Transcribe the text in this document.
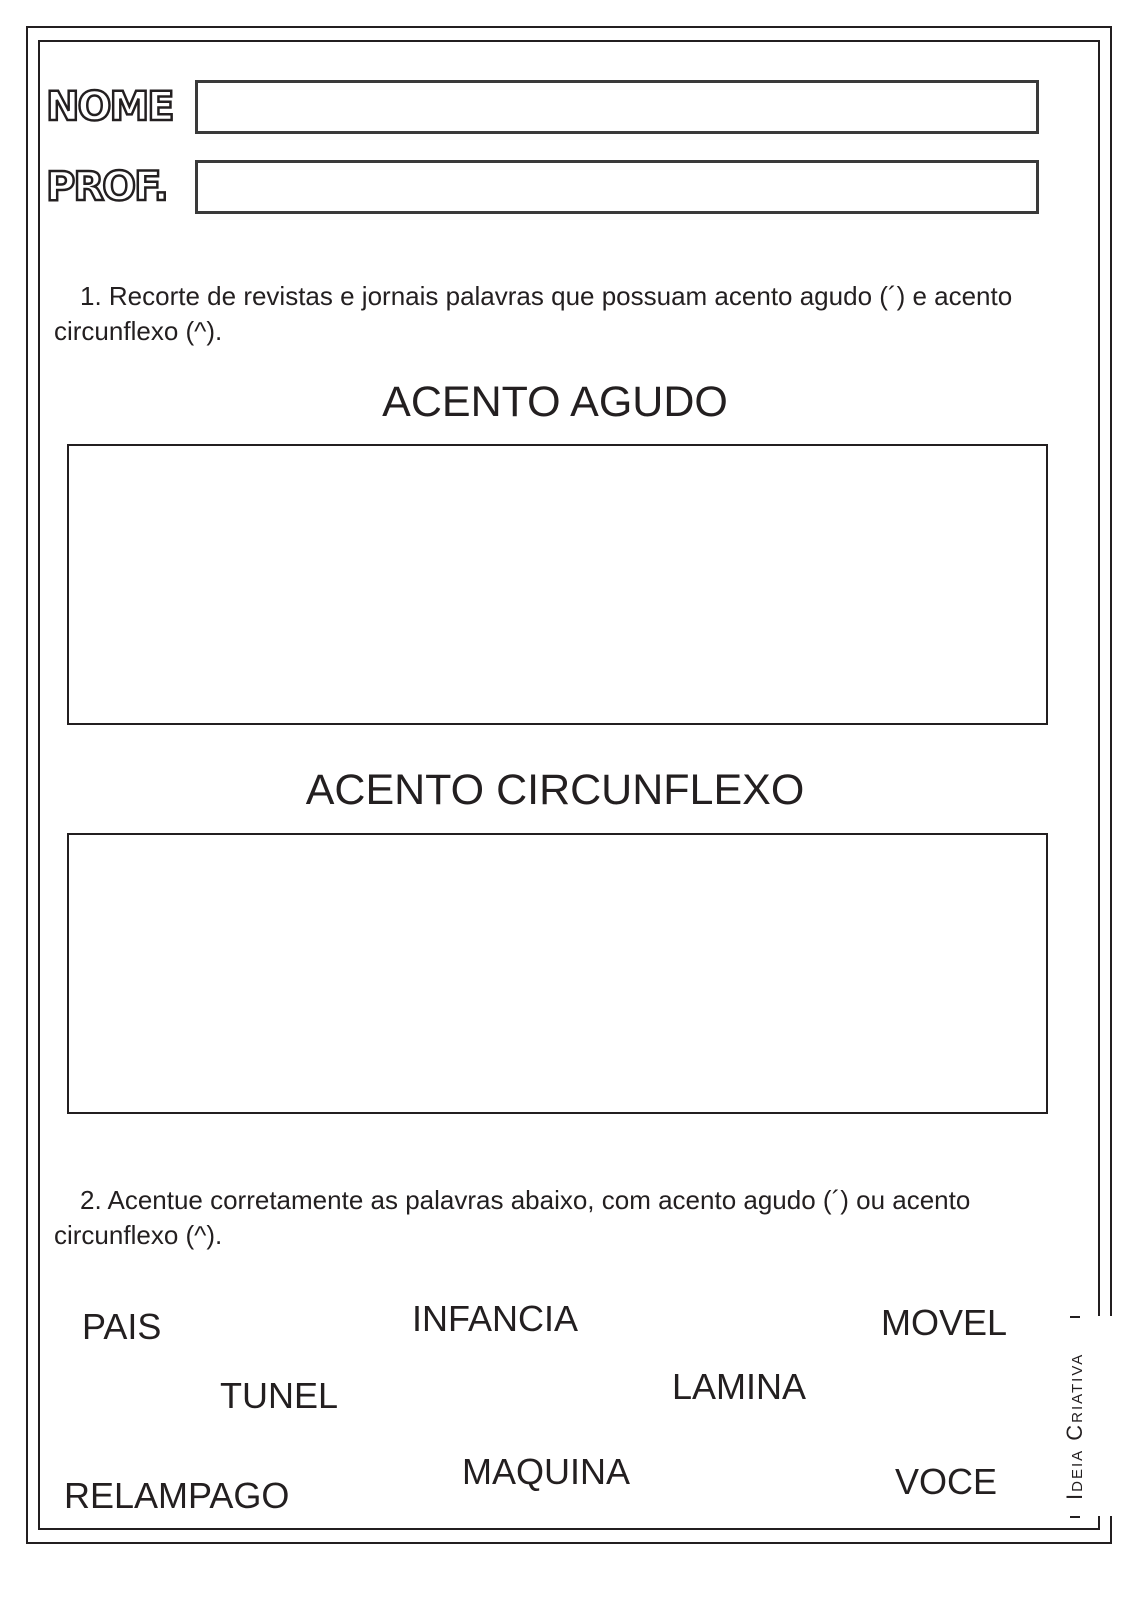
NOME
PROF.
1. Recorte de revistas e jornais palavras que possuam acento agudo (´) e acento circunflexo (^).
ACENTO AGUDO
ACENTO CIRCUNFLEXO
2. Acentue corretamente as palavras abaixo, com acento agudo (´) ou acento circunflexo (^).
PAIS	INFANCIA	MOVEL
TUNEL	LAMINA
RELAMPAGO
MAQUINA	VOCE	Ideia Criativa
